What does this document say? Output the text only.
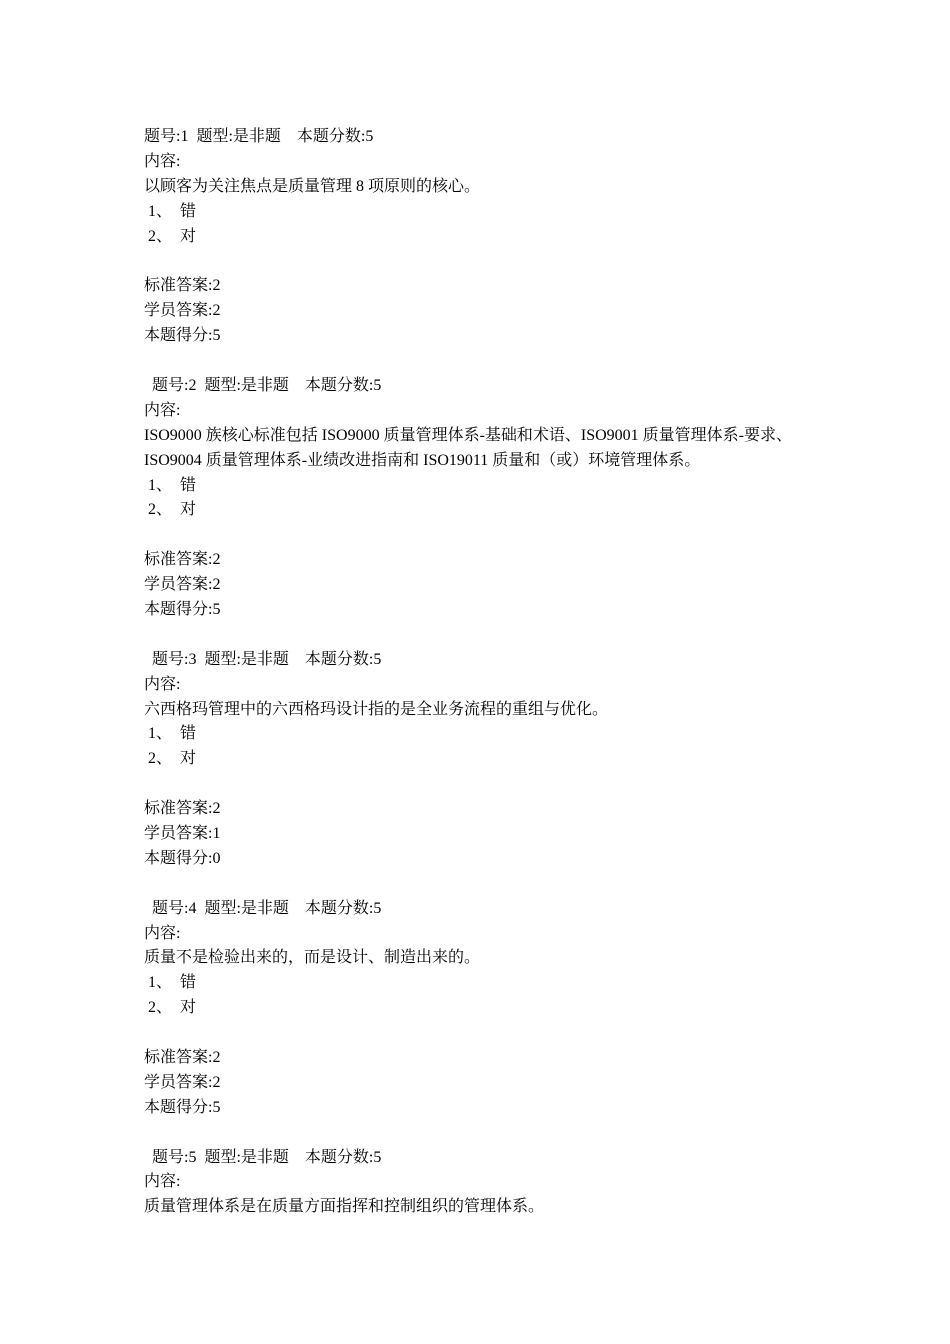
题号:1  题型:是非题    本题分数:5
内容:
以顾客为关注焦点是质量管理 8 项原则的核心。
1、  错
2、  对
标准答案:2
学员答案:2
本题得分:5
题号:2  题型:是非题    本题分数:5
内容:
ISO9000 族核心标准包括 ISO9000 质量管理体系-基础和术语、ISO9001 质量管理体系-要求、ISO9004 质量管理体系-业绩改进指南和 ISO19011 质量和（或）环境管理体系。
1、  错
2、  对
标准答案:2
学员答案:2
本题得分:5
题号:3  题型:是非题    本题分数:5
内容:
六西格玛管理中的六西格玛设计指的是全业务流程的重组与优化。
1、  错
2、  对
标准答案:2
学员答案:1
本题得分:0
题号:4  题型:是非题    本题分数:5
内容:
质量不是检验出来的，而是设计、制造出来的。
1、  错
2、  对
标准答案:2
学员答案:2
本题得分:5
题号:5  题型:是非题    本题分数:5
内容:
质量管理体系是在质量方面指挥和控制组织的管理体系。
